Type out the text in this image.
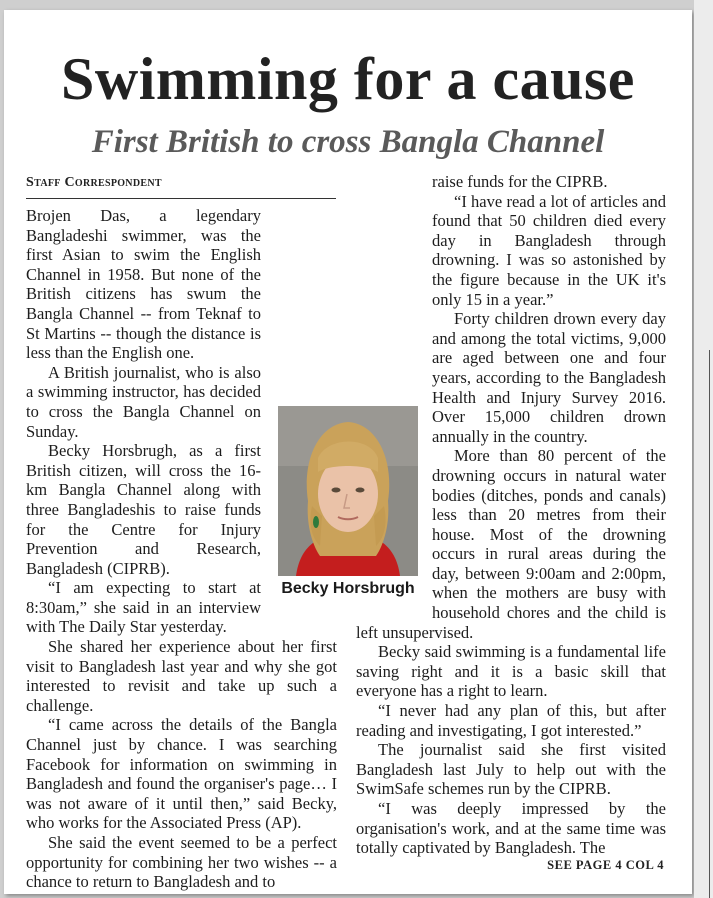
Swimming for a cause
First British to cross Bangla Channel
Staff Correspondent

Brojen Das, a legendary Bangladeshi swimmer, was the first Asian to swim the English Channel in 1958. But none of the British citizens has swum the Bangla Channel -- from Teknaf to St Martins -- though the distance is less than the English one.

A British journalist, who is also a swimming instructor, has decided to cross the Bangla Channel on Sunday.

Becky Horsbrugh, as a first British citizen, will cross the 16-km Bangla Channel along with three Bangladeshis to raise funds for the Centre for Injury Prevention and Research, Bangladesh (CIPRB).

“I am expecting to start at 8:30am,” she said in an interview with The Daily Star yesterday.

She shared her experience about her first visit to Bangladesh last year and why she got interested to revisit and take up such a challenge.

“I came across the details of the Bangla Channel just by chance. I was searching Facebook for information on swimming in Bangladesh and found the organiser's page… I was not aware of it until then,” said Becky, who works for the Associated Press (AP).

She said the event seemed to be a perfect opportunity for combining her two wishes -- a chance to return to Bangladesh and to

raise funds for the CIPRB.

“I have read a lot of articles and found that 50 children died every day in Bangladesh through drowning. I was so astonished by the figure because in the UK it's only 15 in a year.”

Forty children drown every day and among the total victims, 9,000 are aged between one and four years, according to the Bangladesh Health and Injury Survey 2016. Over 15,000 children drown annually in the country.

More than 80 percent of the drowning occurs in natural water bodies (ditches, ponds and canals) less than 20 metres from their house. Most of the drowning occurs in rural areas during the day, between 9:00am and 2:00pm, when the mothers are busy with household chores and the child is left unsupervised.

Becky said swimming is a fundamental life saving right and it is a basic skill that everyone has a right to learn.

“I never had any plan of this, but after reading and investigating, I got interested.”

The journalist said she first visited Bangladesh last July to help out with the SwimSafe schemes run by the CIPRB.

“I was deeply impressed by the organisation's work, and at the same time was totally captivated by Bangladesh. The

Becky Horsbrugh
SEE PAGE 4 COL 4
